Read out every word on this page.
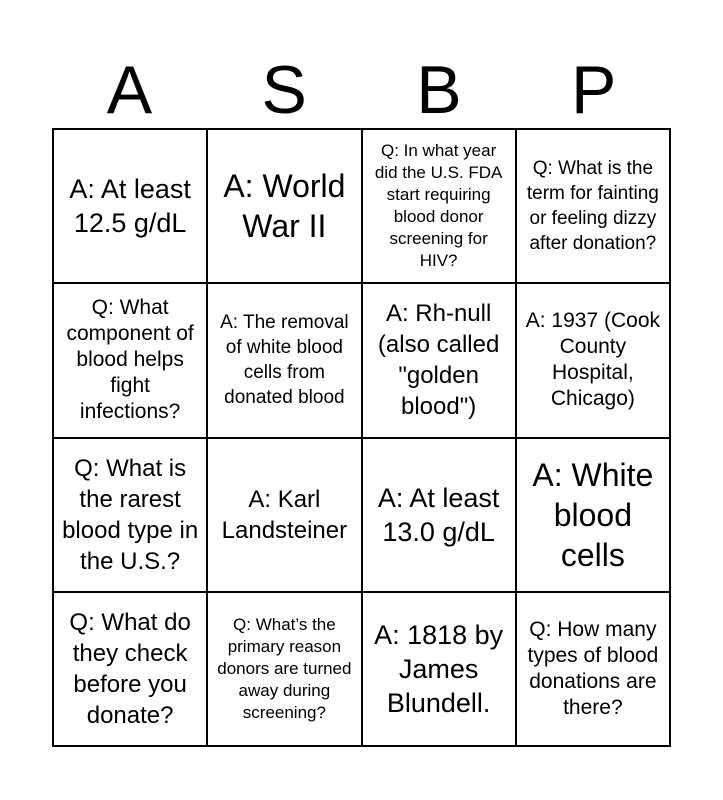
A	S	B	P
A: At least 12.5 g/dL
A: World War II
Q: In what year did the U.S. FDA start requiring blood donor screening for HIV?
Q: What is the term for fainting or feeling dizzy after donation?
Q: What component of blood helps fight infections?
A: The removal of white blood cells from donated blood
A: Rh-null (also called "golden blood")
A: 1937 (Cook County Hospital, Chicago)
Q: What is the rarest blood type in the U.S.?
A: Karl Landsteiner
A: At least 13.0 g/dL
A: White blood cells
Q: What do they check before you donate?
Q: What’s the primary reason donors are turned away during screening?
A: 1818 by James Blundell.
Q: How many types of blood donations are there?
